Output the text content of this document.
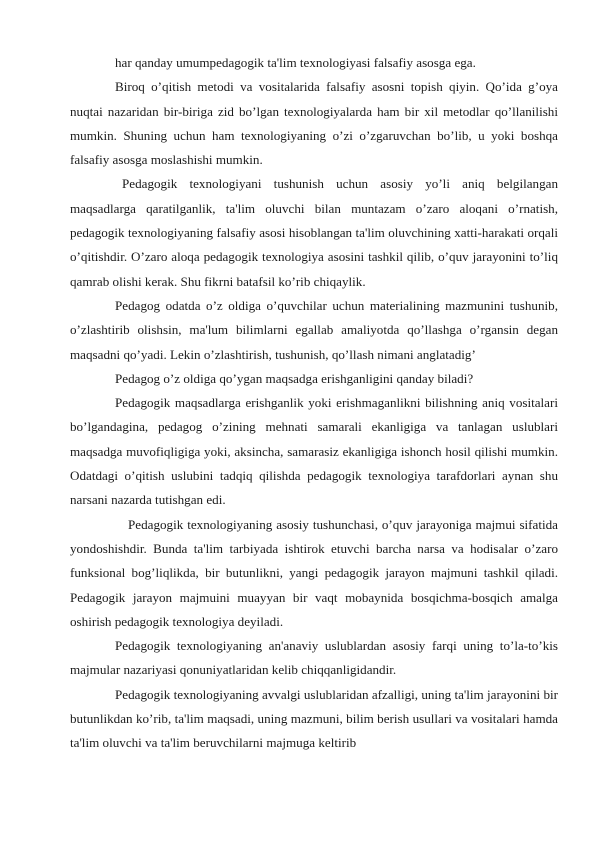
har qanday umumpedagogik ta'lim texnologiyasi falsafiy asosga ega.

Biroq o’qitish metodi va vositalarida falsafiy asosni topish qiyin. Qo’ida g’oya nuqtai nazaridan bir-biriga zid bo’lgan texnologiyalarda ham bir xil metodlar qo’llanilishi mumkin. Shuning uchun ham texnologiyaning o’zi o’zgaruvchan bo’lib, u yoki boshqa falsafiy asosga moslashishi mumkin.

Pedagogik texnologiyani tushunish uchun asosiy yo’li aniq belgilangan maqsadlarga qaratilganlik, ta'lim oluvchi bilan muntazam o’zaro aloqani o’rnatish, pedagogik texnologiyaning falsafiy asosi hisoblangan ta'lim oluvchining xatti-harakati orqali o’qitishdir. O’zaro aloqa pedagogik texnologiya asosini tashkil qilib, o’quv jarayonini to’liq qamrab olishi kerak. Shu fikrni batafsil ko’rib chiqaylik.

Pedagog odatda o’z oldiga o’quvchilar uchun materialining mazmunini tushunib, o’zlashtirib olishsin, ma'lum bilimlarni egallab amaliyotda qo’llashga o’rgansin degan maqsadni qo’yadi. Lekin o’zlashtirish, tushunish, qo’llash nimani anglatadig’

Pedagog o’z oldiga qo’ygan maqsadga erishganligini qanday biladi?

Pedagogik maqsadlarga erishganlik yoki erishmaganlikni bilishning aniq vositalari bo’lgandagina, pedagog o’zining mehnati samarali ekanligiga va tanlagan uslublari maqsadga muvofiqligiga yoki, aksincha, samarasiz ekanligiga ishonch hosil qilishi mumkin. Odatdagi o’qitish uslubini tadqiq qilishda pedagogik texnologiya tarafdorlari aynan shu narsani nazarda tutishgan edi.

Pedagogik texnologiyaning asosiy tushunchasi, o’quv jarayoniga majmui sifatida yondoshishdir. Bunda ta'lim tarbiyada ishtirok etuvchi barcha narsa va hodisalar o’zaro funksional bog’liqlikda, bir butunlikni, yangi pedagogik jarayon majmuni tashkil qiladi. Pedagogik jarayon majmuini muayyan bir vaqt mobaynida bosqichma-bosqich amalga oshirish pedagogik texnologiya deyiladi.

Pedagogik texnologiyaning an'anaviy uslublardan asosiy farqi uning to’la-to’kis majmular nazariyasi qonuniyatlaridan kelib chiqqanligidandir.

Pedagogik texnologiyaning avvalgi uslublaridan afzalligi, uning ta'lim jarayonini bir butunlikdan ko’rib, ta'lim maqsadi, uning mazmuni, bilim berish usullari va vositalari hamda ta'lim oluvchi va ta'lim beruvchilarni majmuga keltirib
